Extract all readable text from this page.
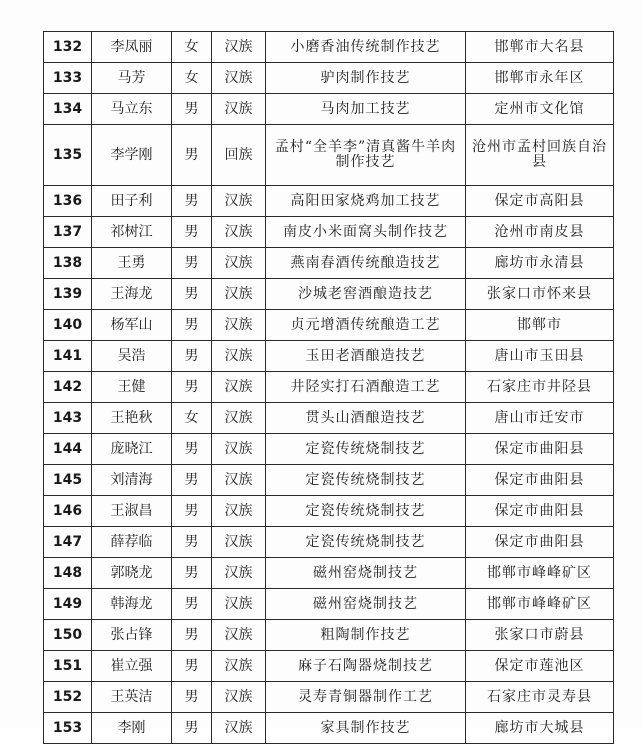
132	李凤丽	女	汉族	小磨香油传统制作技艺	邯郸市大名县
133	马芳	女	汉族	驴肉制作技艺	邯郸市永年区
134	马立东	男	汉族	马肉加工技艺	定州市文化馆
135	李学刚	男	回族	孟村“全羊李”清真酱牛羊肉制作技艺	沧州市孟村回族自治县
136	田子利	男	汉族	高阳田家烧鸡加工技艺	保定市高阳县
137	祁树江	男	汉族	南皮小米面窝头制作技艺	沧州市南皮县
138	王勇	男	汉族	燕南春酒传统酿造技艺	廊坊市永清县
139	王海龙	男	汉族	沙城老窖酒酿造技艺	张家口市怀来县
140	杨军山	男	汉族	贞元增酒传统酿造工艺	邯郸市
141	吴浩	男	汉族	玉田老酒酿造技艺	唐山市玉田县
142	王健	男	汉族	井陉实打石酒酿造工艺	石家庄市井陉县
143	王艳秋	女	汉族	贯头山酒酿造技艺	唐山市迁安市
144	庞晓江	男	汉族	定瓷传统烧制技艺	保定市曲阳县
145	刘清海	男	汉族	定瓷传统烧制技艺	保定市曲阳县
146	王淑昌	男	汉族	定瓷传统烧制技艺	保定市曲阳县
147	薛荐临	男	汉族	定瓷传统烧制技艺	保定市曲阳县
148	郭晓龙	男	汉族	磁州窑烧制技艺	邯郸市峰峰矿区
149	韩海龙	男	汉族	磁州窑烧制技艺	邯郸市峰峰矿区
150	张占锋	男	汉族	粗陶制作技艺	张家口市蔚县
151	崔立强	男	汉族	麻子石陶器烧制技艺	保定市莲池区
152	王英洁	男	汉族	灵寿青铜器制作工艺	石家庄市灵寿县
153	李刚	男	汉族	家具制作技艺	廊坊市大城县
